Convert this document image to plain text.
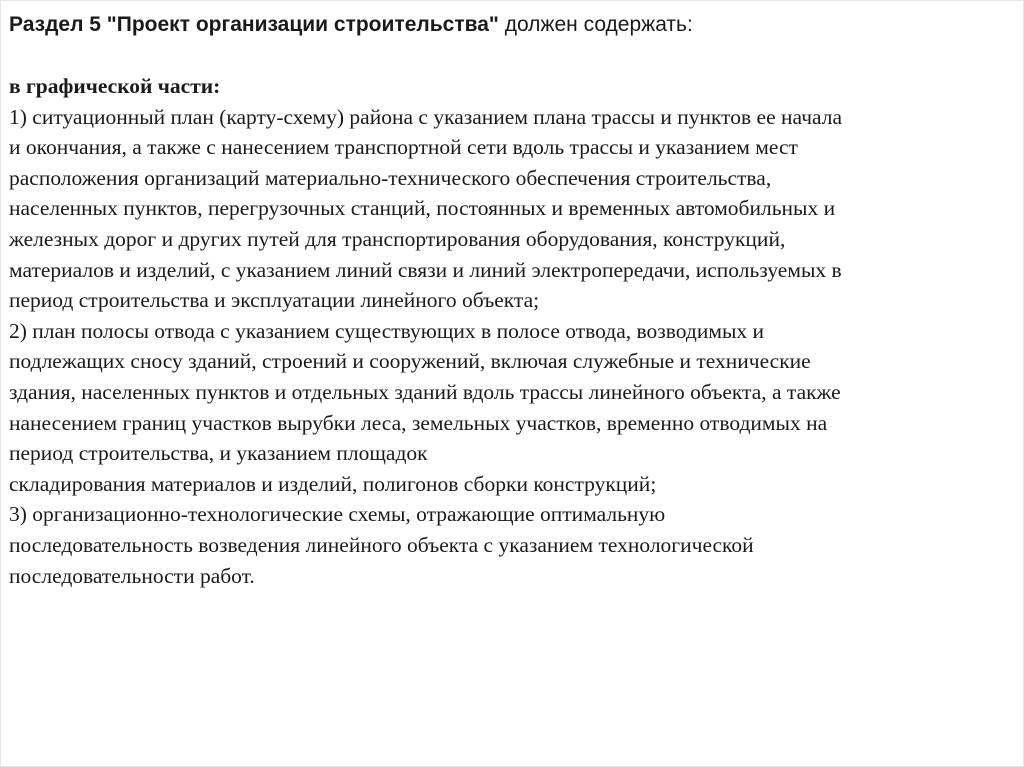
Раздел 5 "Проект организации строительства" должен содержать:
в графической части:
1) ситуационный план (карту-схему) района с указанием плана трассы и пунктов ее начала
и окончания, а также с нанесением транспортной сети вдоль трассы и указанием мест
расположения организаций материально-технического обеспечения строительства,
населенных пунктов, перегрузочных станций, постоянных и временных автомобильных и
железных дорог и других путей для транспортирования оборудования, конструкций,
материалов и изделий, с указанием линий связи и линий электропередачи, используемых в
период строительства и эксплуатации линейного объекта;
2) план полосы отвода с указанием существующих в полосе отвода, возводимых и
подлежащих сносу зданий, строений и сооружений, включая служебные и технические
здания, населенных пунктов и отдельных зданий вдоль трассы линейного объекта, а также
нанесением границ участков вырубки леса, земельных участков, временно отводимых на
период строительства, и указанием площадок
складирования материалов и изделий, полигонов сборки конструкций;
3) организационно-технологические схемы, отражающие оптимальную
последовательность возведения линейного объекта с указанием технологической
последовательности работ.
